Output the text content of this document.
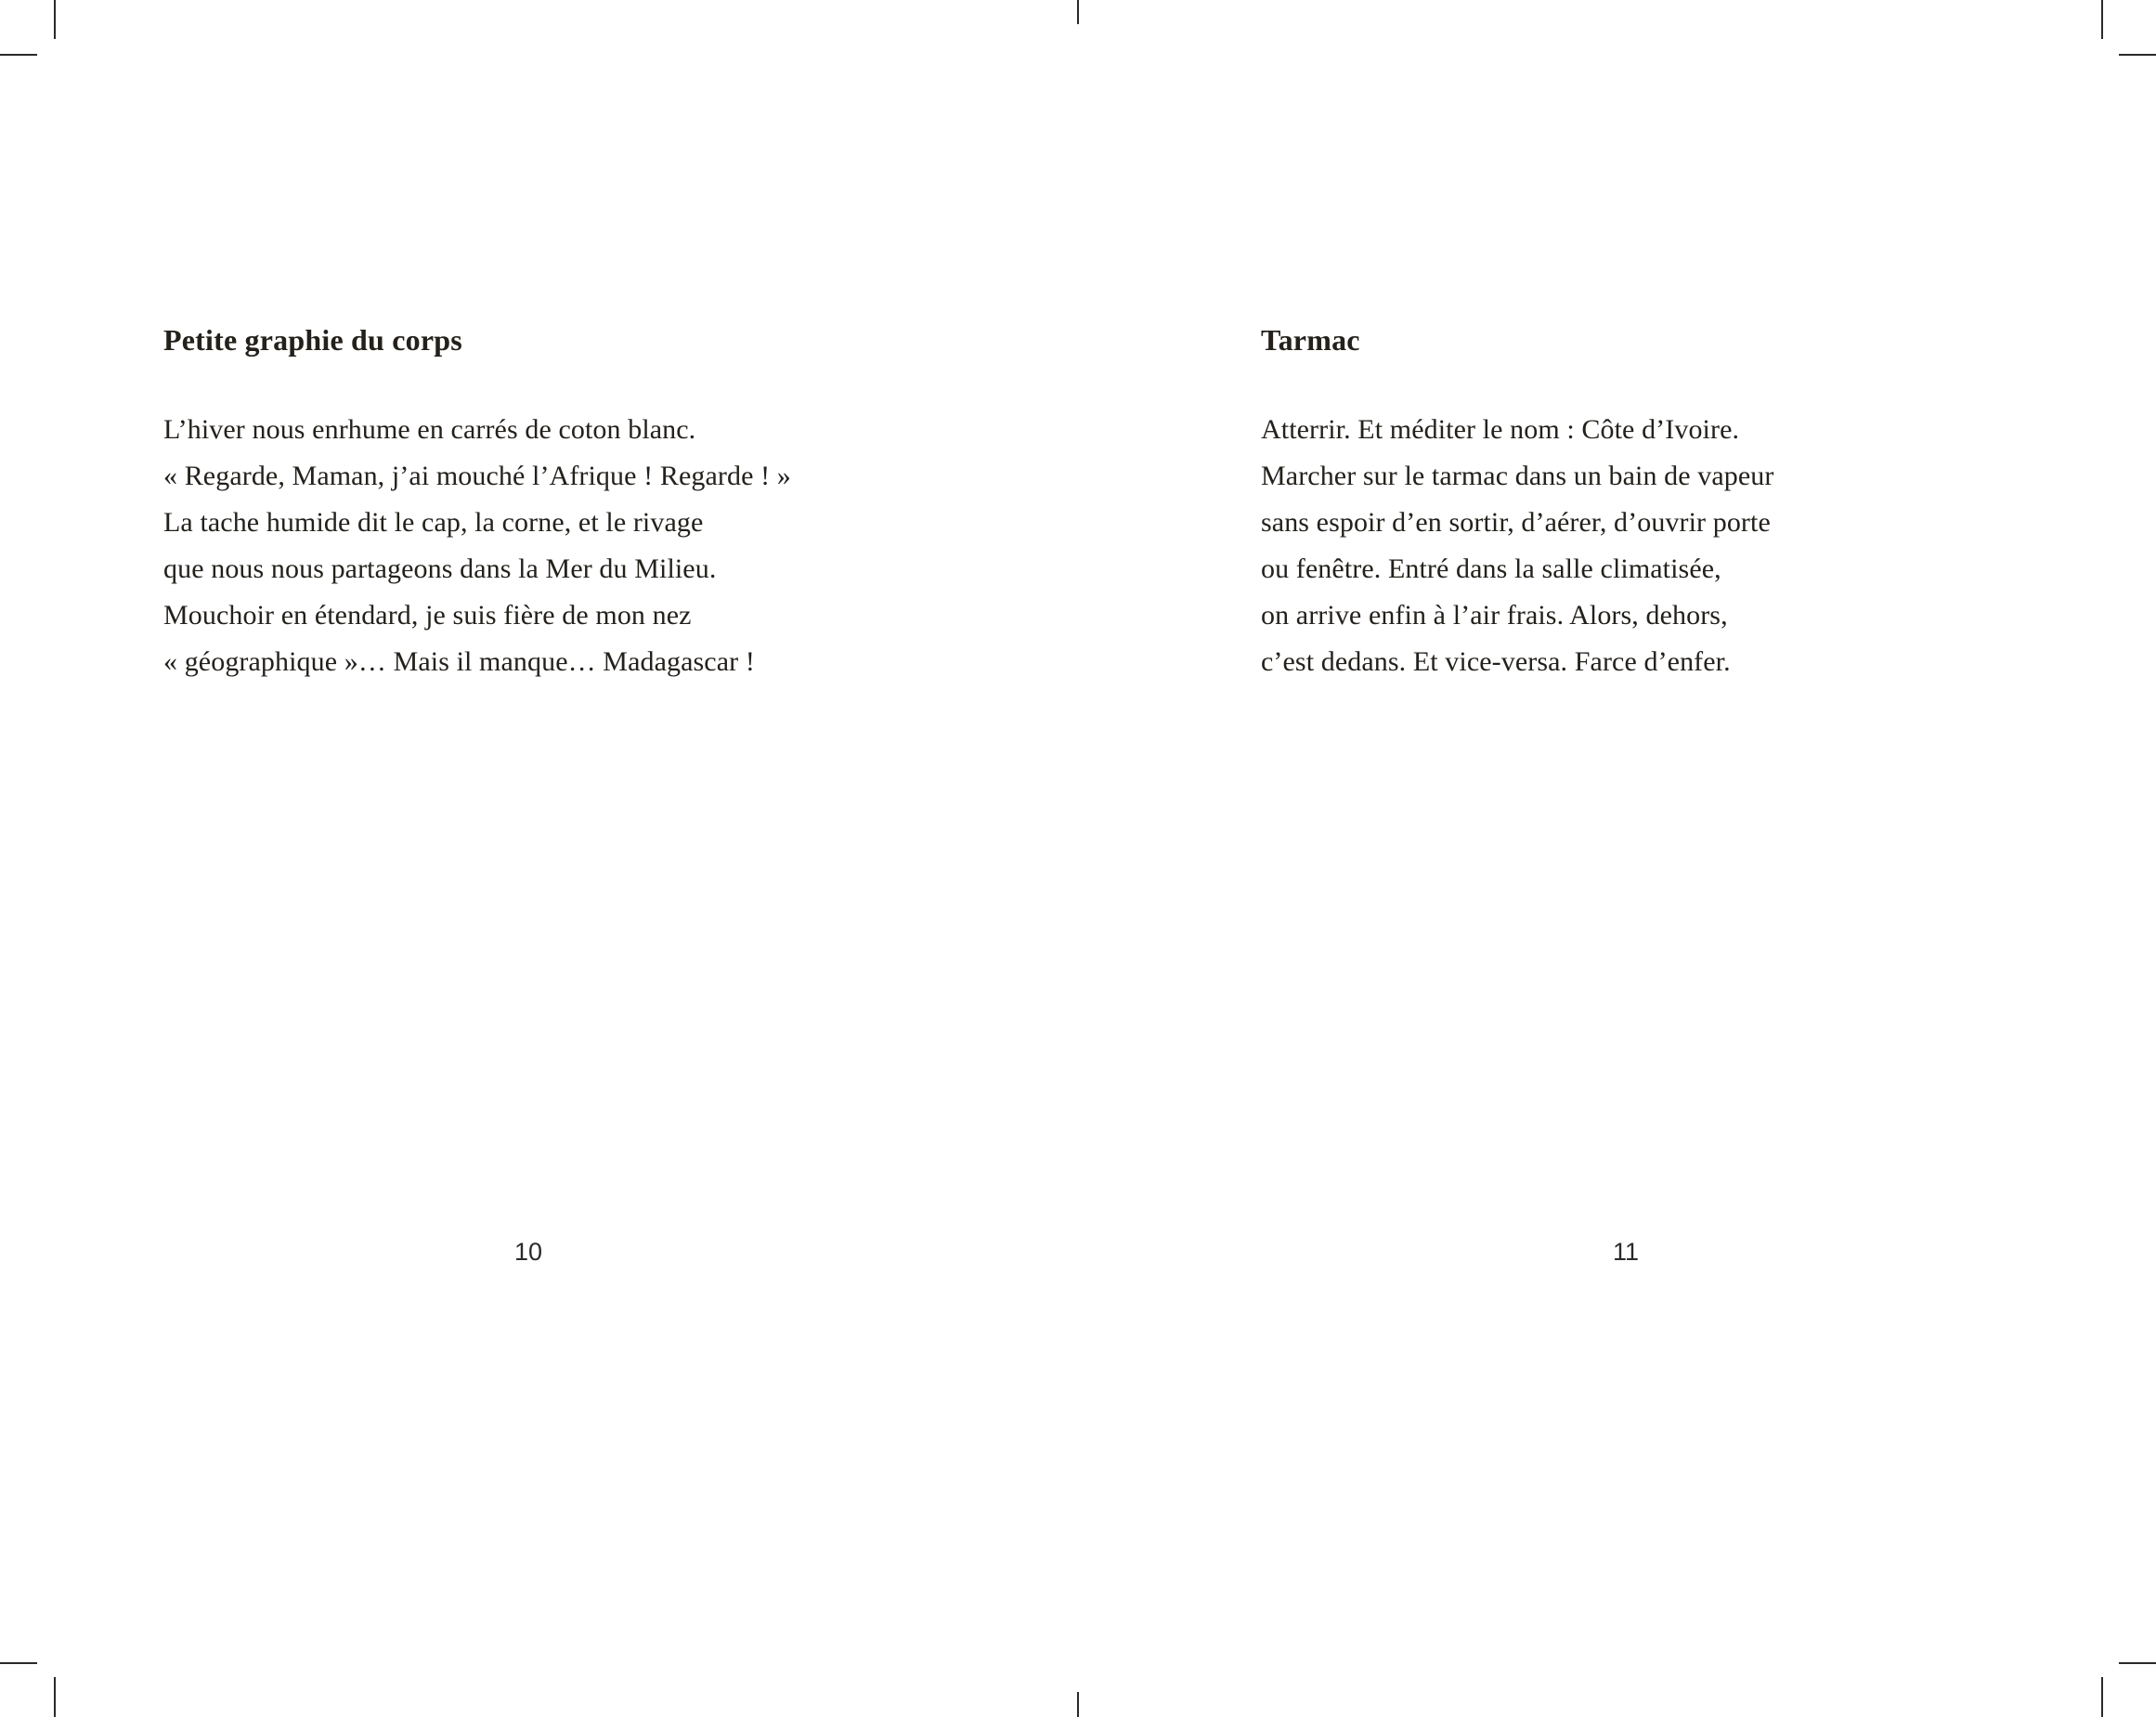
Petite graphie du corps
L’hiver nous enrhume en carrés de coton blanc.
« Regarde, Maman, j’ai mouché l’Afrique ! Regarde ! »
La tache humide dit le cap, la corne, et le rivage
que nous nous partageons dans la Mer du Milieu.
Mouchoir en étendard, je suis fière de mon nez
« géographique »… Mais il manque… Madagascar !
10
Tarmac
Atterrir. Et méditer le nom : Côte d’Ivoire.
Marcher sur le tarmac dans un bain de vapeur
sans espoir d’en sortir, d’aérer, d’ouvrir porte
ou fenêtre. Entré dans la salle climatisée,
on arrive enfin à l’air frais. Alors, dehors,
c’est dedans. Et vice-versa. Farce d’enfer.
11
